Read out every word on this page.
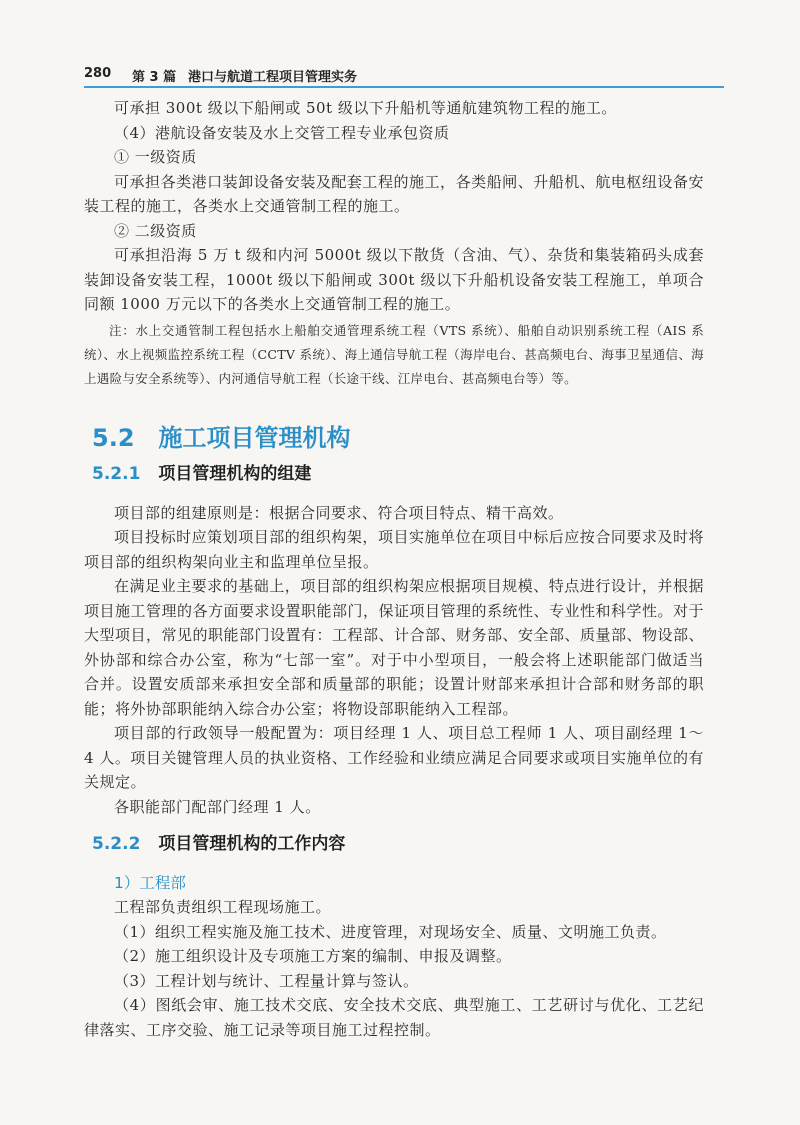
280 第 3 篇 港口与航道工程项目管理实务

可承担 300t 级以下船闸或 50t 级以下升船机等通航建筑物工程的施工。

（4）港航设备安装及水上交管工程专业承包资质

① 一级资质

可承担各类港口装卸设备安装及配套工程的施工，各类船闸、升船机、航电枢纽设备安装工程的施工，各类水上交通管制工程的施工。

② 二级资质

可承担沿海 5 万 t 级和内河 5000t 级以下散货（含油、气）、杂货和集装箱码头成套装卸设备安装工程，1000t 级以下船闸或 300t 级以下升船机设备安装工程施工，单项合同额 1000 万元以下的各类水上交通管制工程的施工。

注：水上交通管制工程包括水上船舶交通管理系统工程（VTS 系统）、船舶自动识别系统工程（AIS 系统）、水上视频监控系统工程（CCTV 系统）、海上通信导航工程（海岸电台、甚高频电台、海事卫星通信、海上遇险与安全系统等）、内河通信导航工程（长途干线、江岸电台、甚高频电台等）等。

5.2 施工项目管理机构
5.2.1 项目管理机构的组建

项目部的组建原则是：根据合同要求、符合项目特点、精干高效。

项目投标时应策划项目部的组织构架，项目实施单位在项目中标后应按合同要求及时将项目部的组织构架向业主和监理单位呈报。

在满足业主要求的基础上，项目部的组织构架应根据项目规模、特点进行设计，并根据项目施工管理的各方面要求设置职能部门，保证项目管理的系统性、专业性和科学性。对于大型项目，常见的职能部门设置有：工程部、计合部、财务部、安全部、质量部、物设部、外协部和综合办公室，称为“七部一室”。对于中小型项目，一般会将上述职能部门做适当合并。设置安质部来承担安全部和质量部的职能；设置计财部来承担计合部和财务部的职能；将外协部职能纳入综合办公室；将物设部职能纳入工程部。

项目部的行政领导一般配置为：项目经理 1 人、项目总工程师 1 人、项目副经理 1～4 人。项目关键管理人员的执业资格、工作经验和业绩应满足合同要求或项目实施单位的有关规定。

各职能部门配部门经理 1 人。

5.2.2 项目管理机构的工作内容
1）工程部

工程部负责组织工程现场施工。

（1）组织工程实施及施工技术、进度管理，对现场安全、质量、文明施工负责。

（2）施工组织设计及专项施工方案的编制、申报及调整。

（3）工程计划与统计、工程量计算与签认。

（4）图纸会审、施工技术交底、安全技术交底、典型施工、工艺研讨与优化、工艺纪律落实、工序交验、施工记录等项目施工过程控制。
